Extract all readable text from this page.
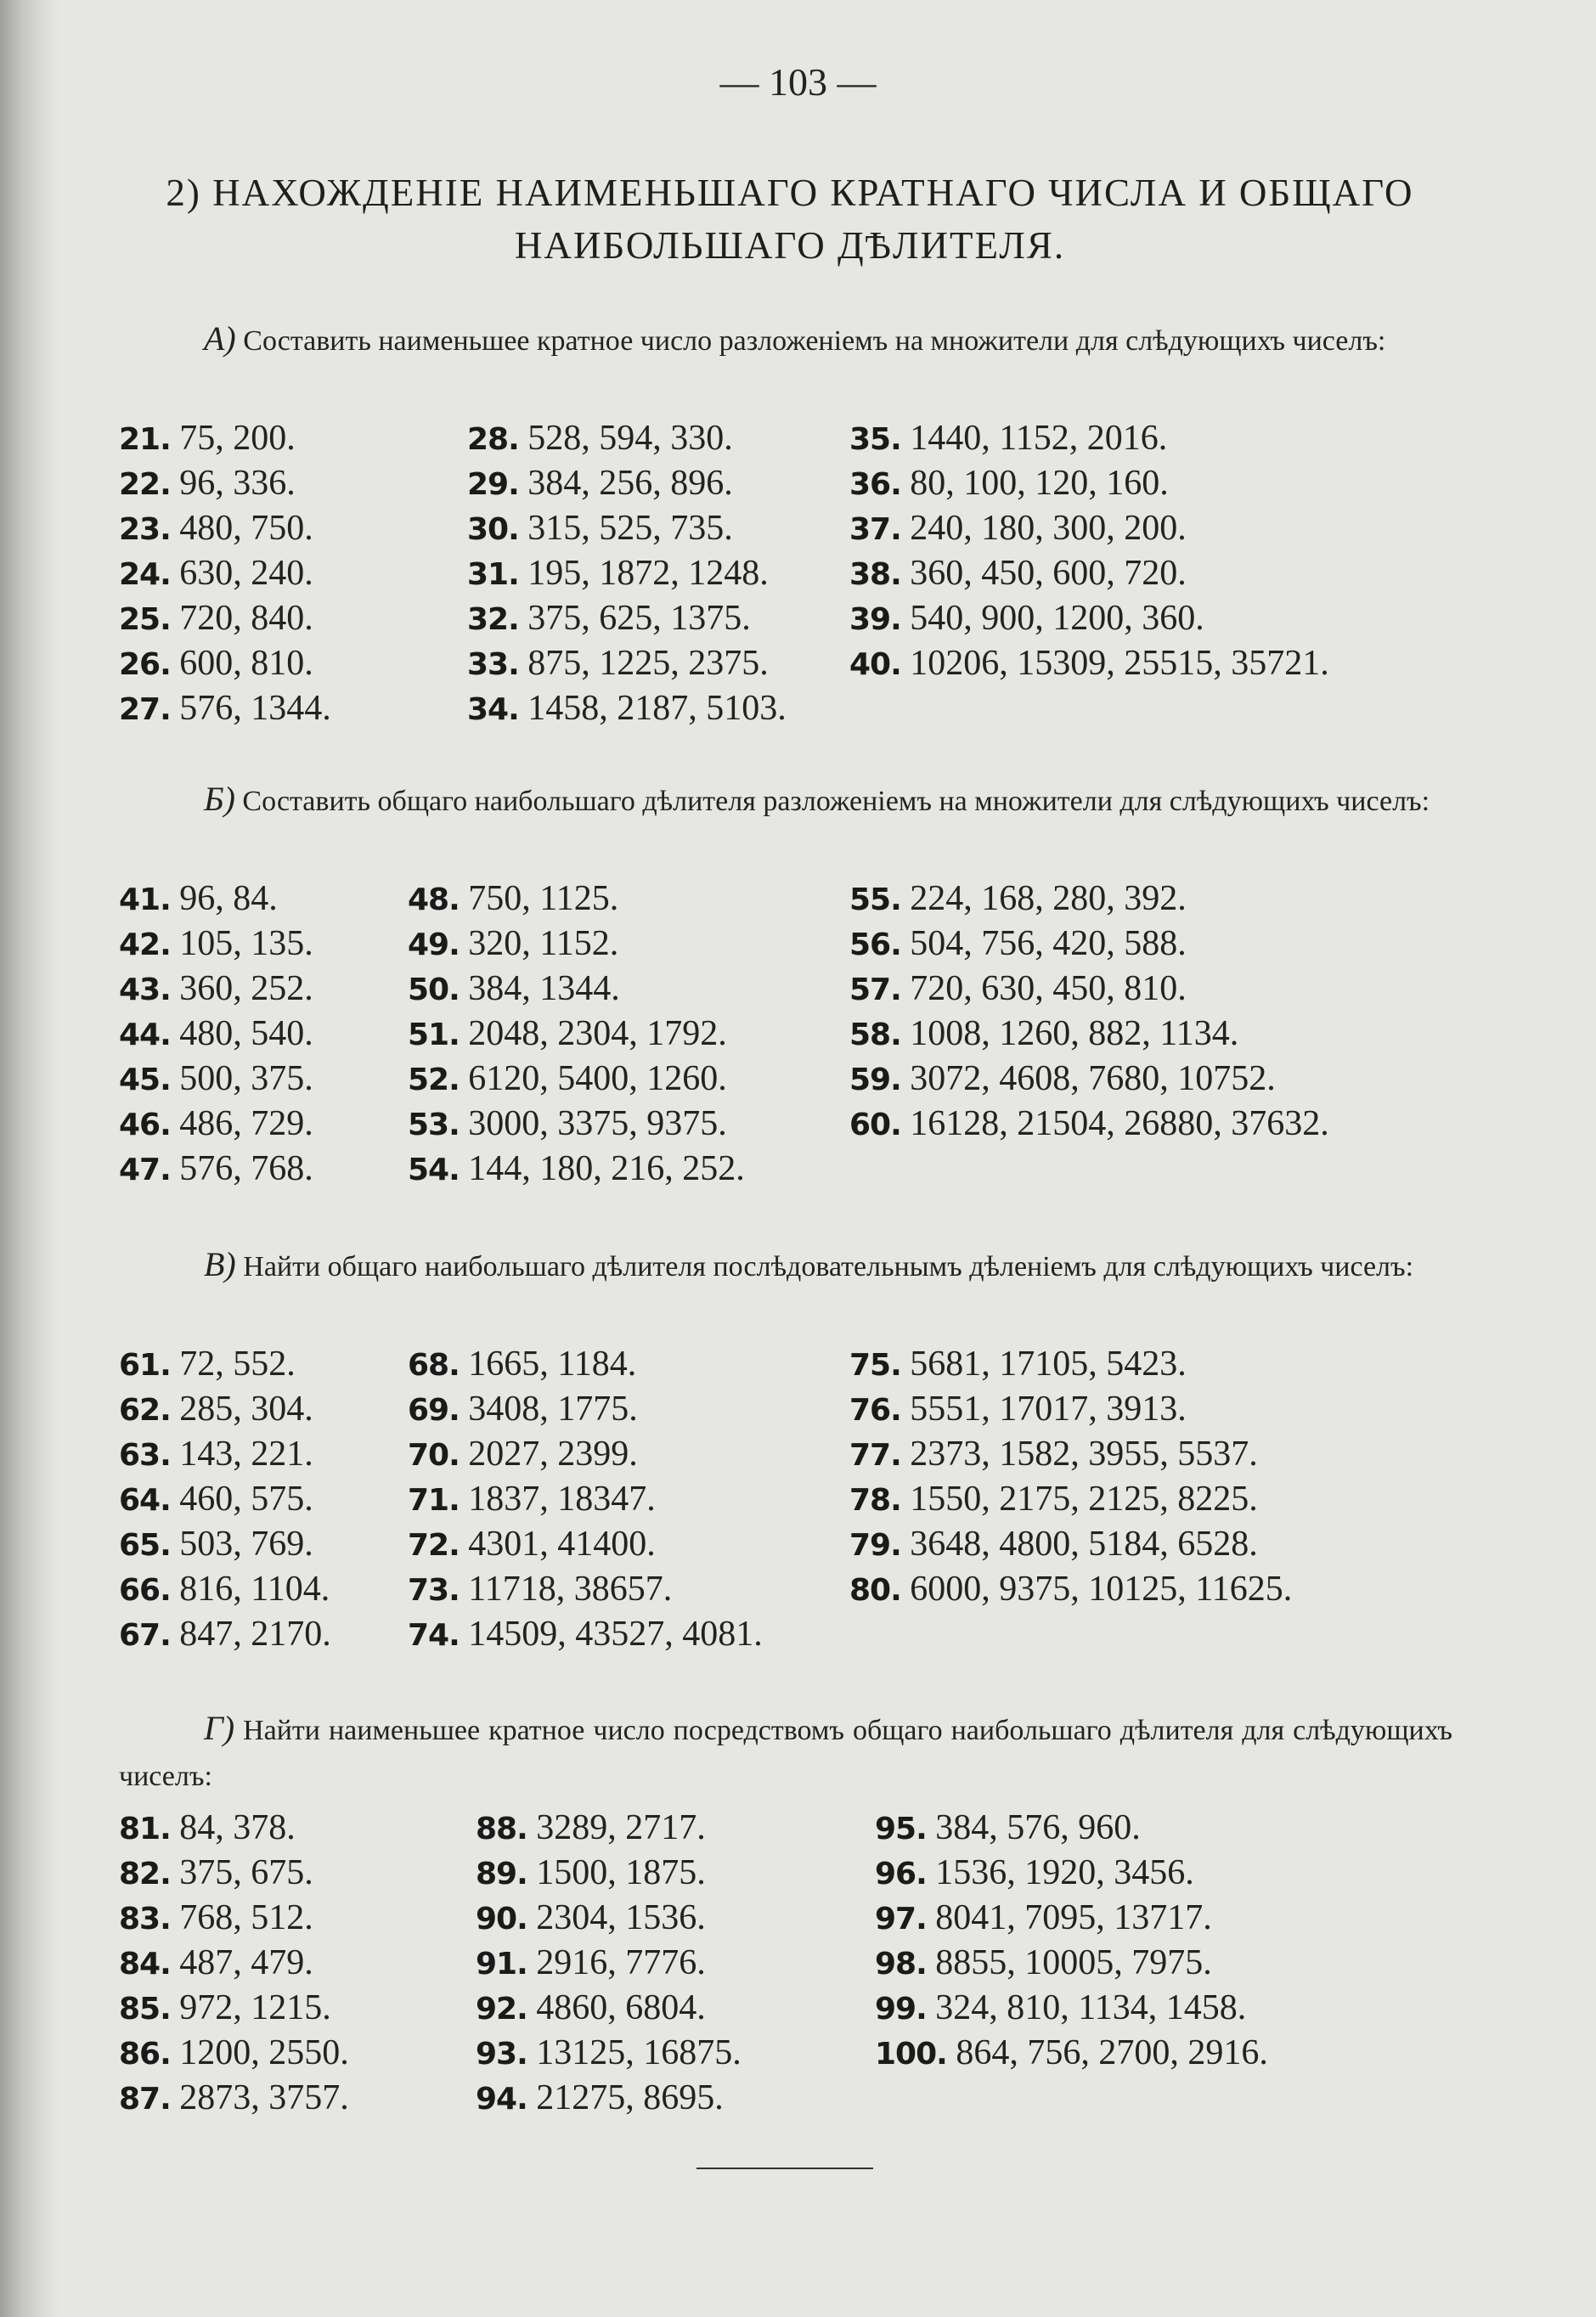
— 103 —
2) НАХОЖДЕНІЕ НАИМЕНЬШАГО КРАТНАГО ЧИСЛА И ОБЩАГО
НАИБОЛЬШАГО ДѢЛИТЕЛЯ.
А) Составить наименьшее кратное число разложеніемъ на множители для слѣдующихъ чиселъ:
21. 75, 200.	28. 528, 594, 330.	35. 1440, 1152, 2016.
22. 96, 336.	29. 384, 256, 896.	36. 80, 100, 120, 160.
23. 480, 750.	30. 315, 525, 735.	37. 240, 180, 300, 200.
24. 630, 240.	31. 195, 1872, 1248.	38. 360, 450, 600, 720.
25. 720, 840.	32. 375, 625, 1375.	39. 540, 900, 1200, 360.
26. 600, 810.	33. 875, 1225, 2375.	40. 10206, 15309, 25515, 35721.
27. 576, 1344.	34. 1458, 2187, 5103.
Б) Составить общаго наибольшаго дѣлителя разложеніемъ на множители для слѣдующихъ чиселъ:
41. 96, 84.	48. 750, 1125.	55. 224, 168, 280, 392.
42. 105, 135.	49. 320, 1152.	56. 504, 756, 420, 588.
43. 360, 252.	50. 384, 1344.	57. 720, 630, 450, 810.
44. 480, 540.	51. 2048, 2304, 1792.	58. 1008, 1260, 882, 1134.
45. 500, 375.	52. 6120, 5400, 1260.	59. 3072, 4608, 7680, 10752.
46. 486, 729.	53. 3000, 3375, 9375.	60. 16128, 21504, 26880, 37632.
47. 576, 768.	54. 144, 180, 216, 252.
В) Найти общаго наибольшаго дѣлителя послѣдовательнымъ дѣленіемъ для слѣдующихъ чиселъ:
61. 72, 552.	68. 1665, 1184.	75. 5681, 17105, 5423.
62. 285, 304.	69. 3408, 1775.	76. 5551, 17017, 3913.
63. 143, 221.	70. 2027, 2399.	77. 2373, 1582, 3955, 5537.
64. 460, 575.	71. 1837, 18347.	78. 1550, 2175, 2125, 8225.
65. 503, 769.	72. 4301, 41400.	79. 3648, 4800, 5184, 6528.
66. 816, 1104.	73. 11718, 38657.	80. 6000, 9375, 10125, 11625.
67. 847, 2170.	74. 14509, 43527, 4081.
Г) Найти наименьшее кратное число посредствомъ общаго наибольшаго дѣлителя для слѣдующихъ чиселъ:
81. 84, 378.	88. 3289, 2717.	95. 384, 576, 960.
82. 375, 675.	89. 1500, 1875.	96. 1536, 1920, 3456.
83. 768, 512.	90. 2304, 1536.	97. 8041, 7095, 13717.
84. 487, 479.	91. 2916, 7776.	98. 8855, 10005, 7975.
85. 972, 1215.	92. 4860, 6804.	99. 324, 810, 1134, 1458.
86. 1200, 2550.	93. 13125, 16875.	100. 864, 756, 2700, 2916.
87. 2873, 3757.	94. 21275, 8695.
